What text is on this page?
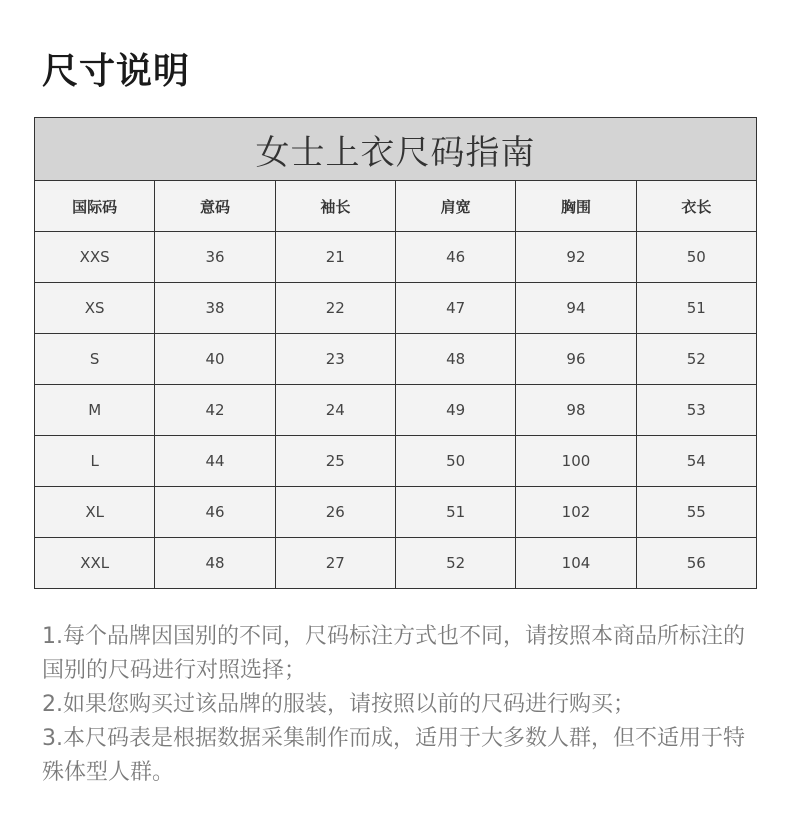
尺寸说明
女士上衣尺码指南					
国际码	意码	袖长	肩宽	胸围	衣长
XXS	36	21	46	92	50
XS	38	22	47	94	51
S	40	23	48	96	52
M	42	24	49	98	53
L	44	25	50	100	54
XL	46	26	51	102	55
XXL	48	27	52	104	56

1.每个品牌因国别的不同，尺码标注方式也不同，请按照本商品所标注的国别的尺码进行对照选择；

2.如果您购买过该品牌的服装，请按照以前的尺码进行购买；

3.本尺码表是根据数据采集制作而成，适用于大多数人群，但不适用于特殊体型人群。
